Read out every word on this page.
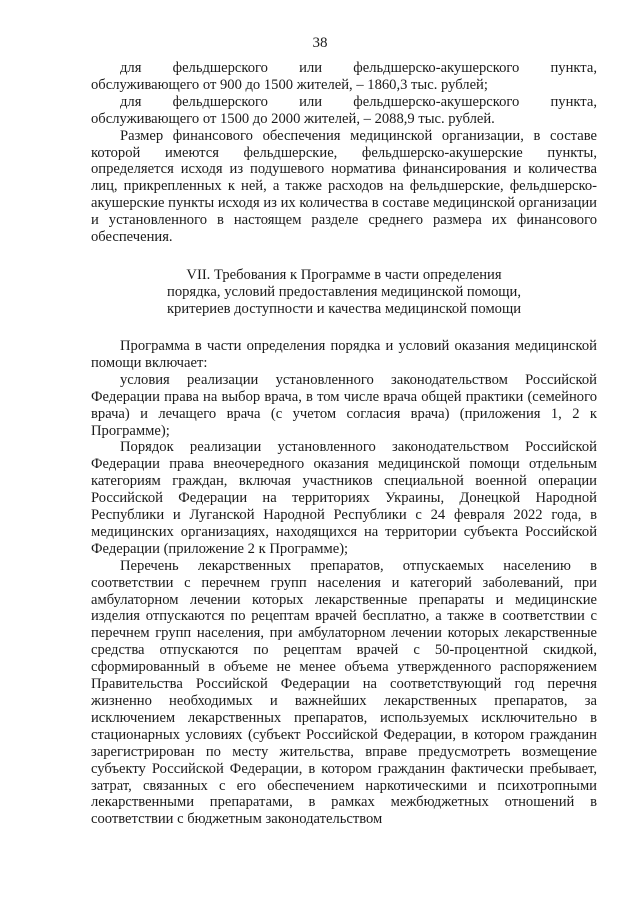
38

для фельдшерского или фельдшерско-акушерского пункта, обслуживающего от 900 до 1500 жителей, – 1860,3 тыс. рублей;

для фельдшерского или фельдшерско-акушерского пункта, обслуживающего от 1500 до 2000 жителей, – 2088,9 тыс. рублей.

Размер финансового обеспечения медицинской организации, в составе которой имеются фельдшерские, фельдшерско-акушерские пункты, определяется исходя из подушевого норматива финансирования и количества лиц, прикрепленных к ней, а также расходов на фельдшерские, фельдшерско-акушерские пункты исходя из их количества в составе медицинской организации и установленного в настоящем разделе среднего размера их финансового обеспечения.

VII. Требования к Программе в части определения
порядка, условий предоставления медицинской помощи,
критериев доступности и качества медицинской помощи

Программа в части определения порядка и условий оказания медицинской помощи включает:

условия реализации установленного законодательством Российской Федерации права на выбор врача, в том числе врача общей практики (семейного врача) и лечащего врача (с учетом согласия врача) (приложения 1, 2 к Программе);

Порядок реализации установленного законодательством Российской Федерации права внеочередного оказания медицинской помощи отдельным категориям граждан, включая участников специальной военной операции Российской Федерации на территориях Украины, Донецкой Народной Республики и Луганской Народной Республики с 24 февраля 2022 года, в медицинских организациях, находящихся на территории субъекта Российской Федерации (приложение 2 к Программе);

Перечень лекарственных препаратов, отпускаемых населению в соответствии с перечнем групп населения и категорий заболеваний, при амбулаторном лечении которых лекарственные препараты и медицинские изделия отпускаются по рецептам врачей бесплатно, а также в соответствии с перечнем групп населения, при амбулаторном лечении которых лекарственные средства отпускаются по рецептам врачей с 50-процентной скидкой, сформированный в объеме не менее объема утвержденного распоряжением Правительства Российской Федерации на соответствующий год перечня жизненно необходимых и важнейших лекарственных препаратов, за исключением лекарственных препаратов, используемых исключительно в стационарных условиях (субъект Российской Федерации, в котором гражданин зарегистрирован по месту жительства, вправе предусмотреть возмещение субъекту Российской Федерации, в котором гражданин фактически пребывает, затрат, связанных с его обеспечением наркотическими и психотропными лекарственными препаратами, в рамках межбюджетных отношений в соответствии с бюджетным законодательством
